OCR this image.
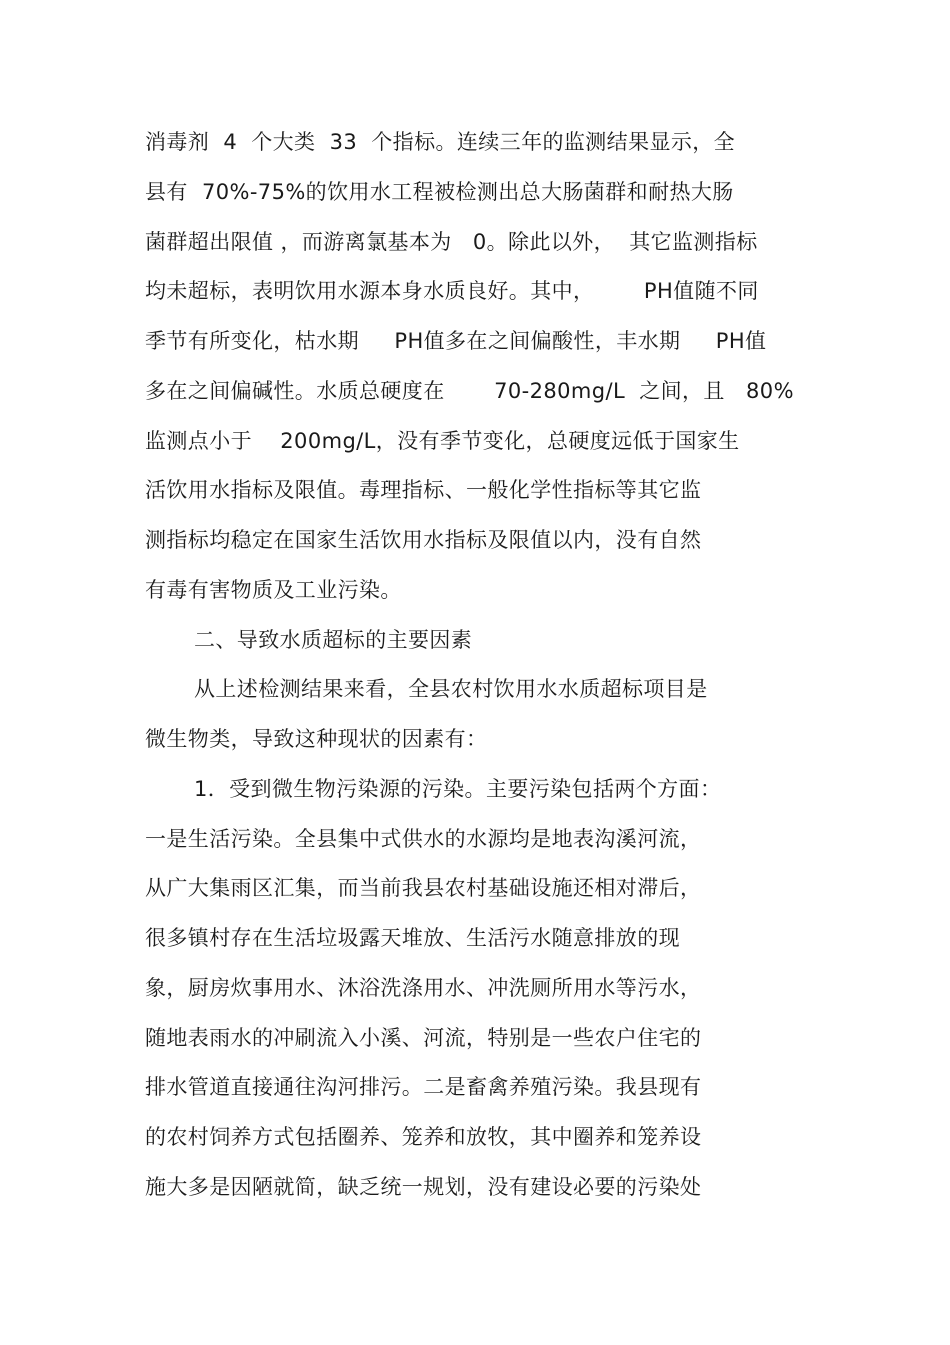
消毒剂  4  个大类  33  个指标。连续三年的监测结果显示，全
县有  70%-75%的饮用水工程被检测出总大肠菌群和耐热大肠
菌群超出限值 ，而游离氯基本为   0。除此以外，  其它监测指标
均未超标，表明饮用水源本身水质良好。其中，       PH值随不同
季节有所变化，枯水期     PH值多在之间偏酸性，丰水期     PH值
多在之间偏碱性。水质总硬度在       70-280mg/L  之间，且   80%
监测点小于    200mg/L，没有季节变化，总硬度远低于国家生
活饮用水指标及限值。毒理指标、一般化学性指标等其它监
测指标均稳定在国家生活饮用水指标及限值以内，没有自然
有毒有害物质及工业污染。
二、导致水质超标的主要因素
从上述检测结果来看，全县农村饮用水水质超标项目是
微生物类，导致这种现状的因素有：
1．受到微生物污染源的污染。主要污染包括两个方面：
一是生活污染。全县集中式供水的水源均是地表沟溪河流，
从广大集雨区汇集，而当前我县农村基础设施还相对滞后，
很多镇村存在生活垃圾露天堆放、生活污水随意排放的现
象，厨房炊事用水、沐浴洗涤用水、冲洗厕所用水等污水，
随地表雨水的冲刷流入小溪、河流，特别是一些农户住宅的
排水管道直接通往沟河排污。二是畜禽养殖污染。我县现有
的农村饲养方式包括圈养、笼养和放牧，其中圈养和笼养设
施大多是因陋就简，缺乏统一规划，没有建设必要的污染处
